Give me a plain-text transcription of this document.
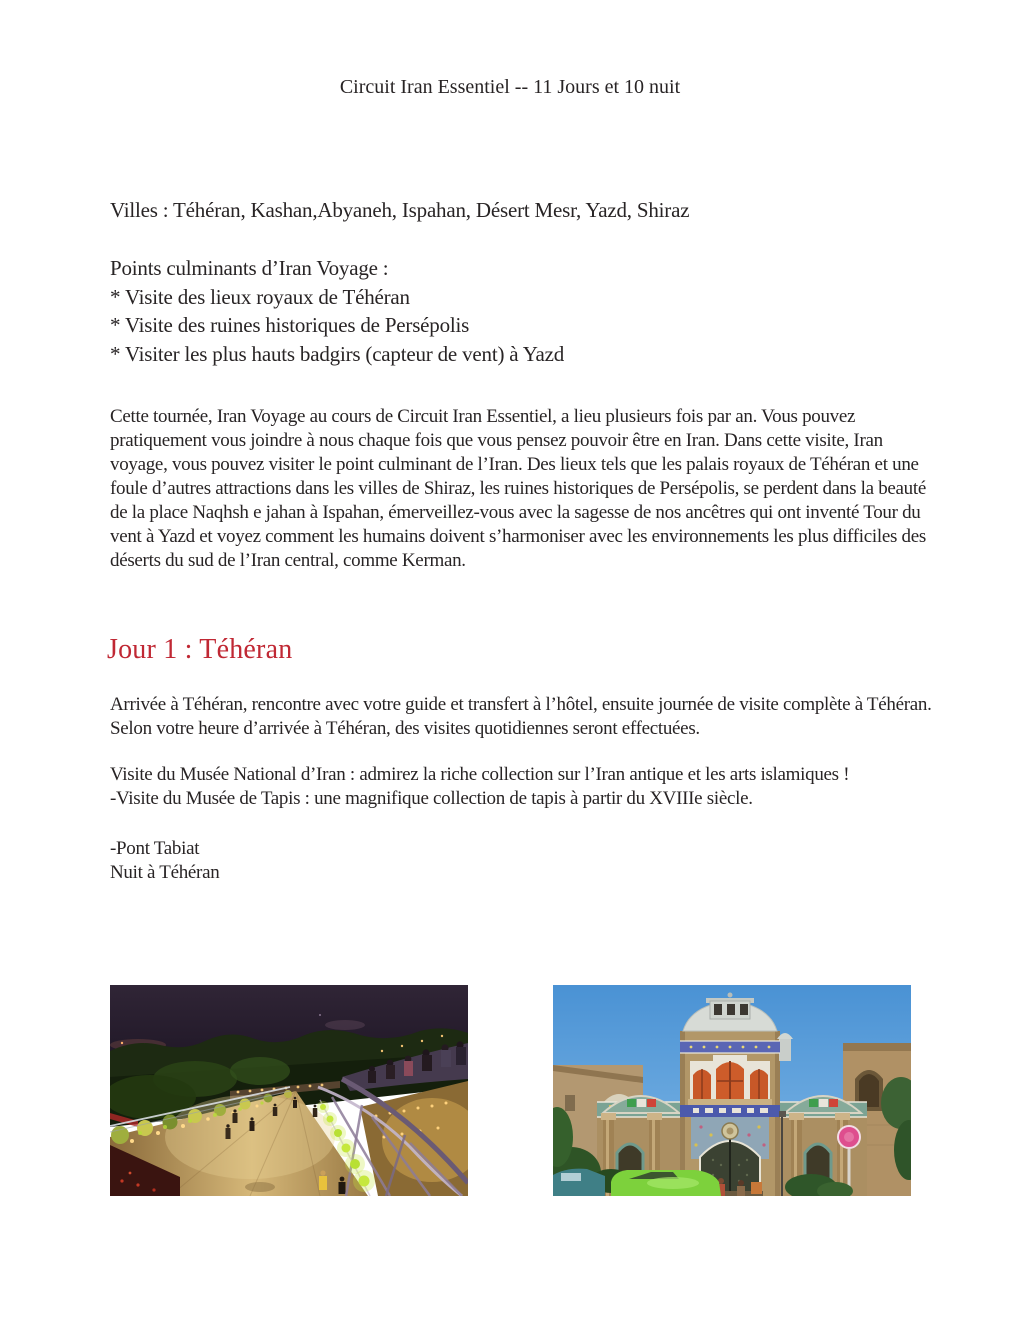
Circuit Iran Essentiel -- 11 Jours et 10 nuit
Villes : Téhéran, Kashan,Abyaneh, Ispahan, Désert Mesr, Yazd, Shiraz
Points culminants d’Iran Voyage :
* Visite des lieux royaux de Téhéran
* Visite des ruines historiques de Persépolis
* Visiter les plus hauts badgirs (capteur de vent) à Yazd
Cette tournée, Iran Voyage au cours de Circuit Iran Essentiel, a lieu plusieurs fois par an. Vous pouvez pratiquement vous joindre à nous chaque fois que vous pensez pouvoir être en Iran. Dans cette visite, Iran voyage, vous pouvez visiter le point culminant de l’Iran. Des lieux tels que les palais royaux de Téhéran et une foule d’autres attractions dans les villes de Shiraz, les ruines historiques de Persépolis, se perdent dans la beauté de la place Naqhsh e jahan à Ispahan, émerveillez-vous avec la sagesse de nos ancêtres qui ont inventé Tour du vent à Yazd et voyez comment les humains doivent s’harmoniser avec les environnements les plus difficiles des déserts du sud de l’Iran central, comme Kerman.
Jour 1 : Téhéran
Arrivée à Téhéran, rencontre avec votre guide et transfert à l’hôtel, ensuite journée de visite complète à Téhéran. Selon votre heure d’arrivée à Téhéran, des visites quotidiennes seront effectuées.
Visite du Musée National d’Iran : admirez la riche collection sur l’Iran antique et les arts islamiques !
-Visite du Musée de Tapis : une magnifique collection de tapis à partir du XVIIIe siècle.
-Pont Tabiat
Nuit à Téhéran
